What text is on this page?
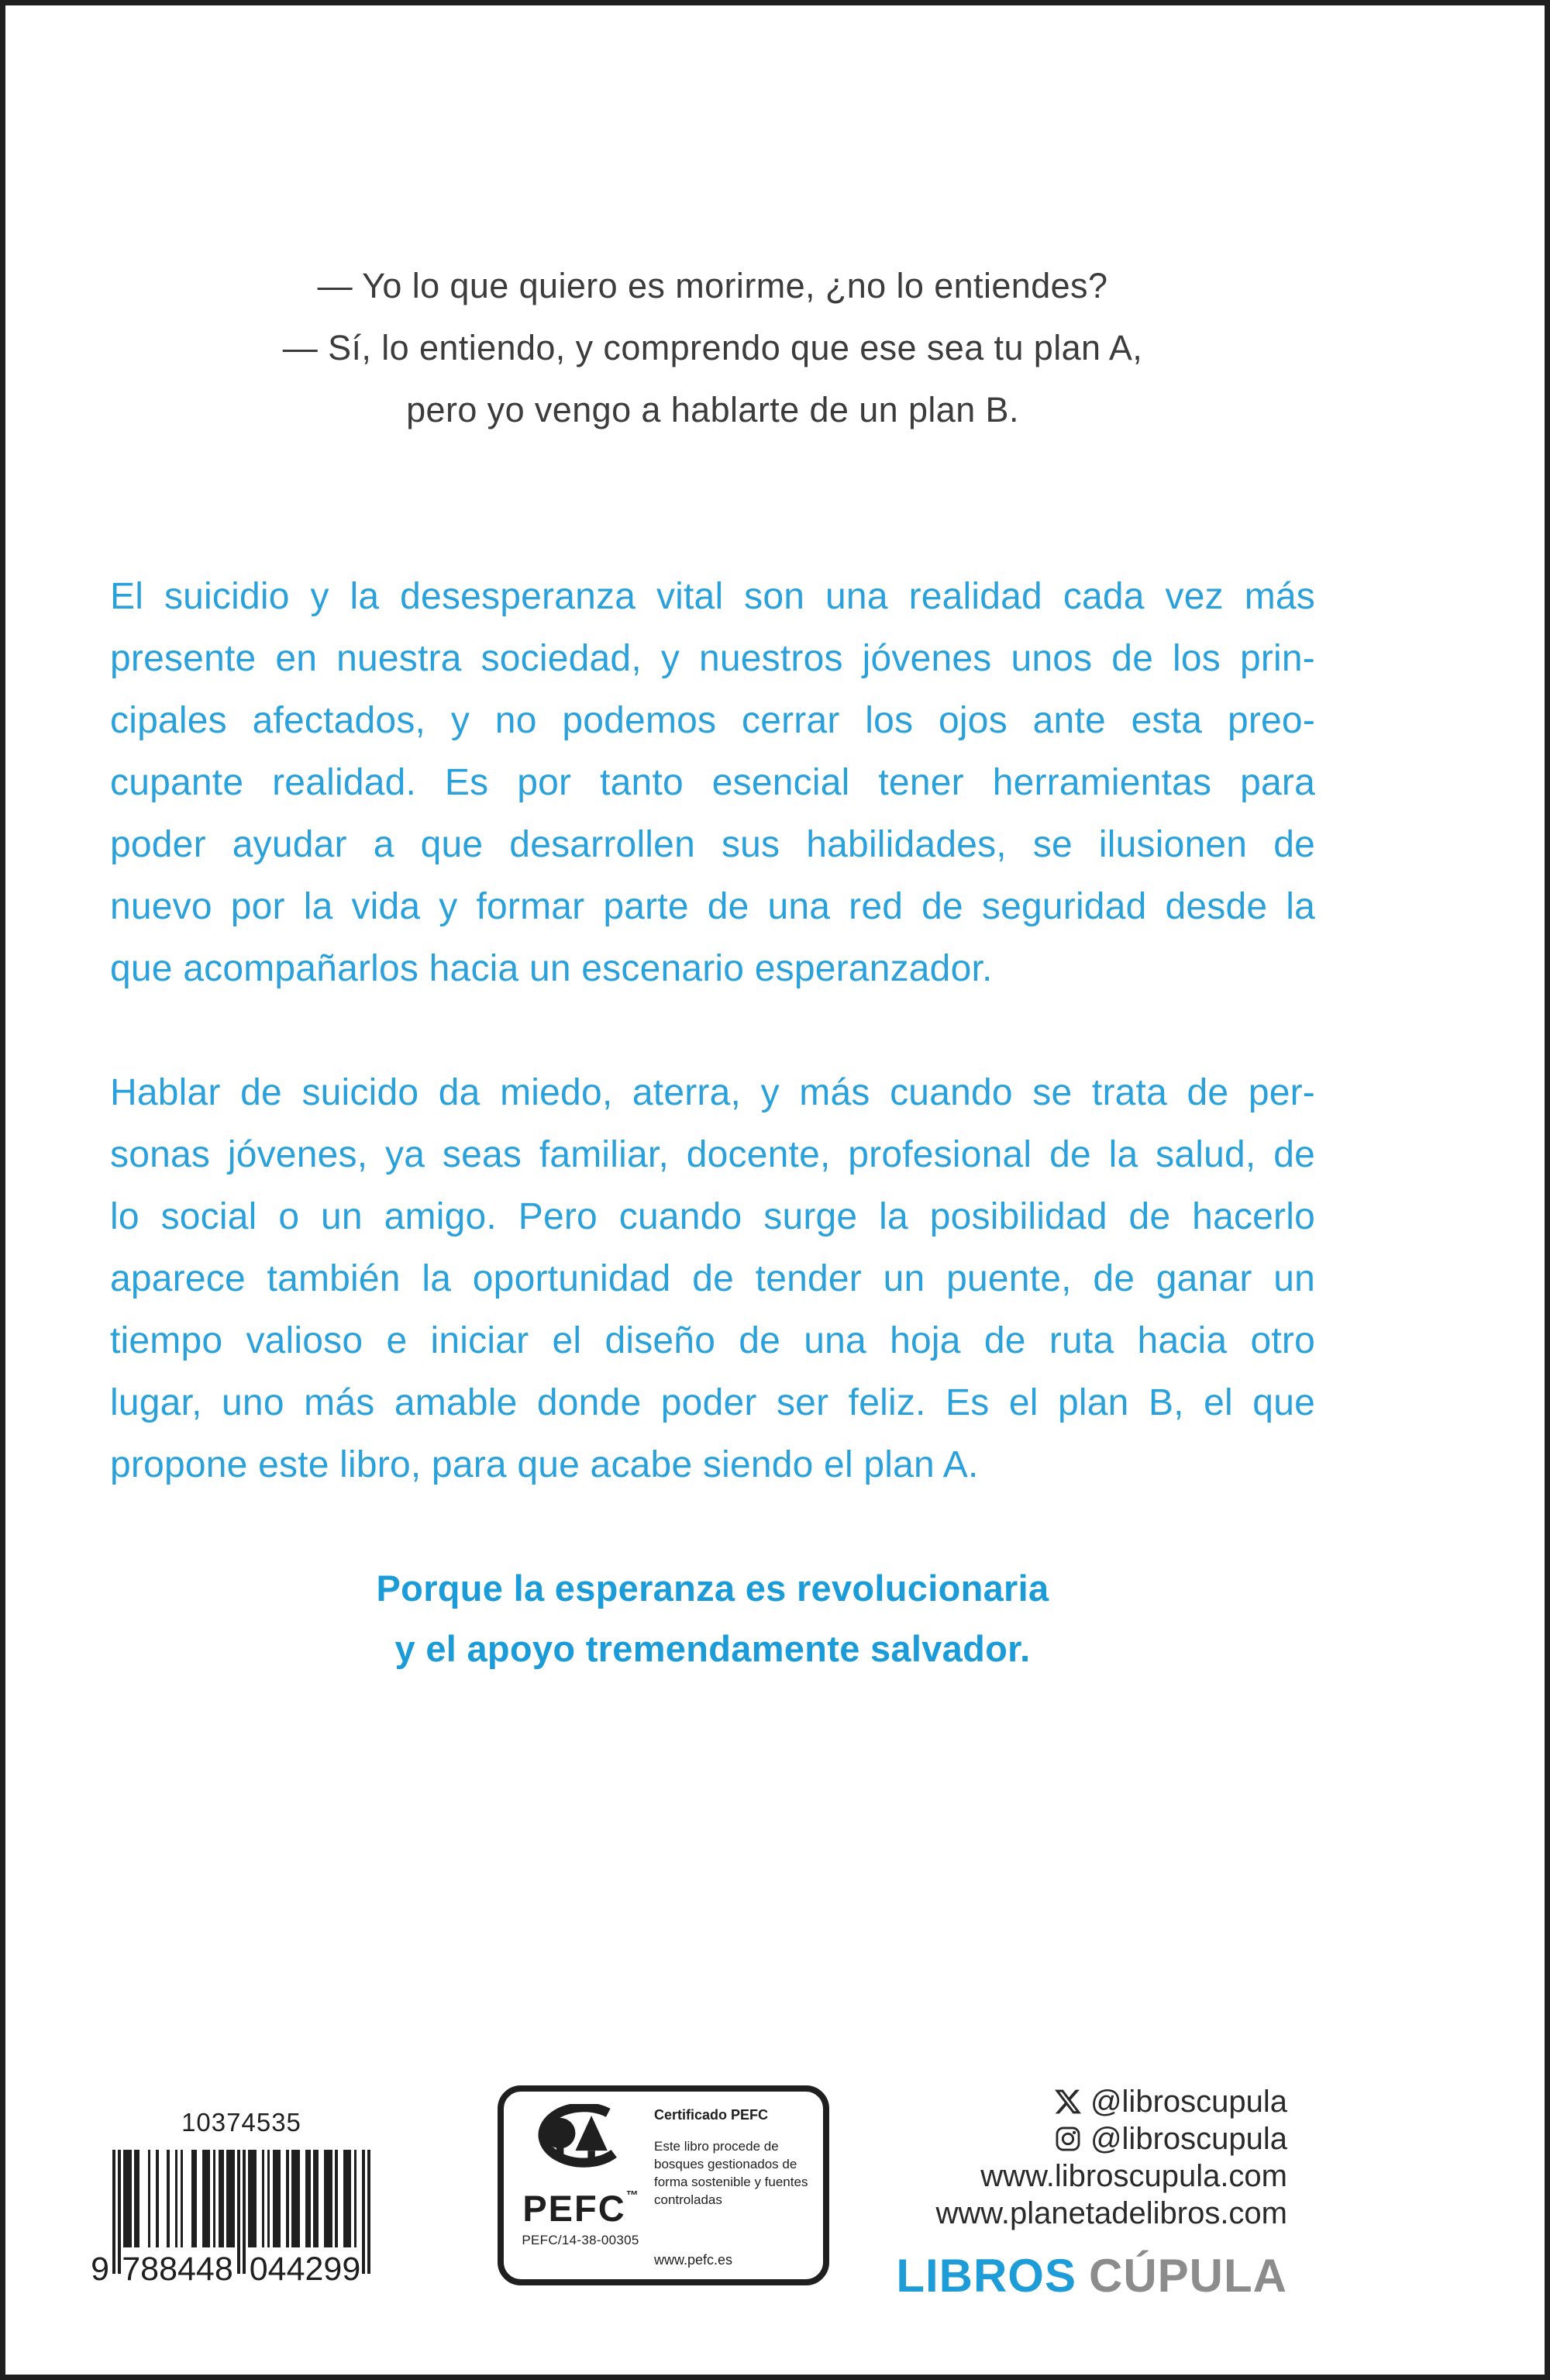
— Yo lo que quiero es morirme, ¿no lo entiendes?
— Sí, lo entiendo, y comprendo que ese sea tu plan A,
pero yo vengo a hablarte de un plan B.
El suicidio y la desesperanza vital son una realidad cada vez más
presente en nuestra sociedad, y nuestros jóvenes unos de los prin-
cipales afectados, y no podemos cerrar los ojos ante esta preo-
cupante realidad. Es por tanto esencial tener herramientas para
poder ayudar a que desarrollen sus habilidades, se ilusionen de
nuevo por la vida y formar parte de una red de seguridad desde la
que acompañarlos hacia un escenario esperanzador.
Hablar de suicido da miedo, aterra, y más cuando se trata de per-
sonas jóvenes, ya seas familiar, docente, profesional de la salud, de
lo social o un amigo. Pero cuando surge la posibilidad de hacerlo
aparece también la oportunidad de tender un puente, de ganar un
tiempo valioso e iniciar el diseño de una hoja de ruta hacia otro
lugar, uno más amable donde poder ser feliz. Es el plan B, el que
propone este libro, para que acabe siendo el plan A.
Porque la esperanza es revolucionaria
y el apoyo tremendamente salvador.
10374535
9 788448 044299
PEFC™
PEFC/14-38-00305
Certificado PEFC
Este libro procede de bosques gestionados de forma sostenible y fuentes controladas
www.pefc.es
@libroscupula
@libroscupula
www.libroscupula.com
www.planetadelibros.com
LIBROS CÚPULA
